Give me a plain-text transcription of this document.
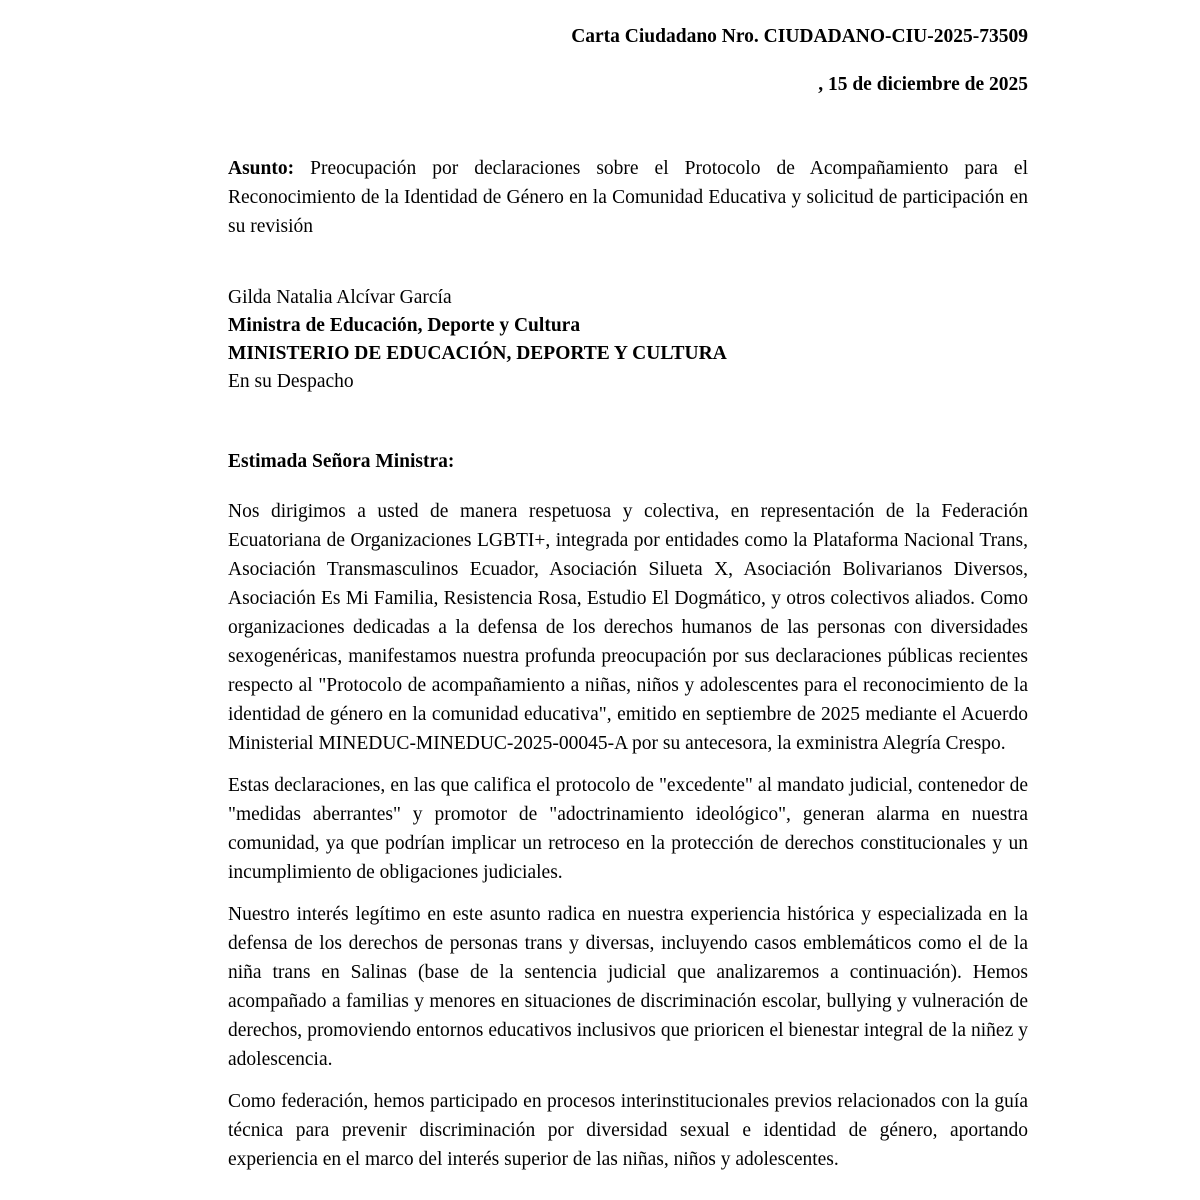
Carta Ciudadano Nro. CIUDADANO-CIU-2025-73509

, 15 de diciembre de 2025

Asunto: Preocupación por declaraciones sobre el Protocolo de Acompañamiento para el Reconocimiento de la Identidad de Género en la Comunidad Educativa y solicitud de participación en su revisión

Gilda Natalia Alcívar García
Ministra de Educación, Deporte y Cultura
MINISTERIO DE EDUCACIÓN, DEPORTE Y CULTURA
En su Despacho

Estimada Señora Ministra:

Nos dirigimos a usted de manera respetuosa y colectiva, en representación de la Federación Ecuatoriana de Organizaciones LGBTI+, integrada por entidades como la Plataforma Nacional Trans, Asociación Transmasculinos Ecuador, Asociación Silueta X, Asociación Bolivarianos Diversos, Asociación Es Mi Familia, Resistencia Rosa, Estudio El Dogmático, y otros colectivos aliados. Como organizaciones dedicadas a la defensa de los derechos humanos de las personas con diversidades sexogenéricas, manifestamos nuestra profunda preocupación por sus declaraciones públicas recientes respecto al "Protocolo de acompañamiento a niñas, niños y adolescentes para el reconocimiento de la identidad de género en la comunidad educativa", emitido en septiembre de 2025 mediante el Acuerdo Ministerial MINEDUC-MINEDUC-2025-00045-A por su antecesora, la exministra Alegría Crespo.

Estas declaraciones, en las que califica el protocolo de "excedente" al mandato judicial, contenedor de "medidas aberrantes" y promotor de "adoctrinamiento ideológico", generan alarma en nuestra comunidad, ya que podrían implicar un retroceso en la protección de derechos constitucionales y un incumplimiento de obligaciones judiciales.

Nuestro interés legítimo en este asunto radica en nuestra experiencia histórica y especializada en la defensa de los derechos de personas trans y diversas, incluyendo casos emblemáticos como el de la niña trans en Salinas (base de la sentencia judicial que analizaremos a continuación). Hemos acompañado a familias y menores en situaciones de discriminación escolar, bullying y vulneración de derechos, promoviendo entornos educativos inclusivos que prioricen el bienestar integral de la niñez y adolescencia.

Como federación, hemos participado en procesos interinstitucionales previos relacionados con la guía técnica para prevenir discriminación por diversidad sexual e identidad de género, aportando experiencia en el marco del interés superior de las niñas, niños y adolescentes.
